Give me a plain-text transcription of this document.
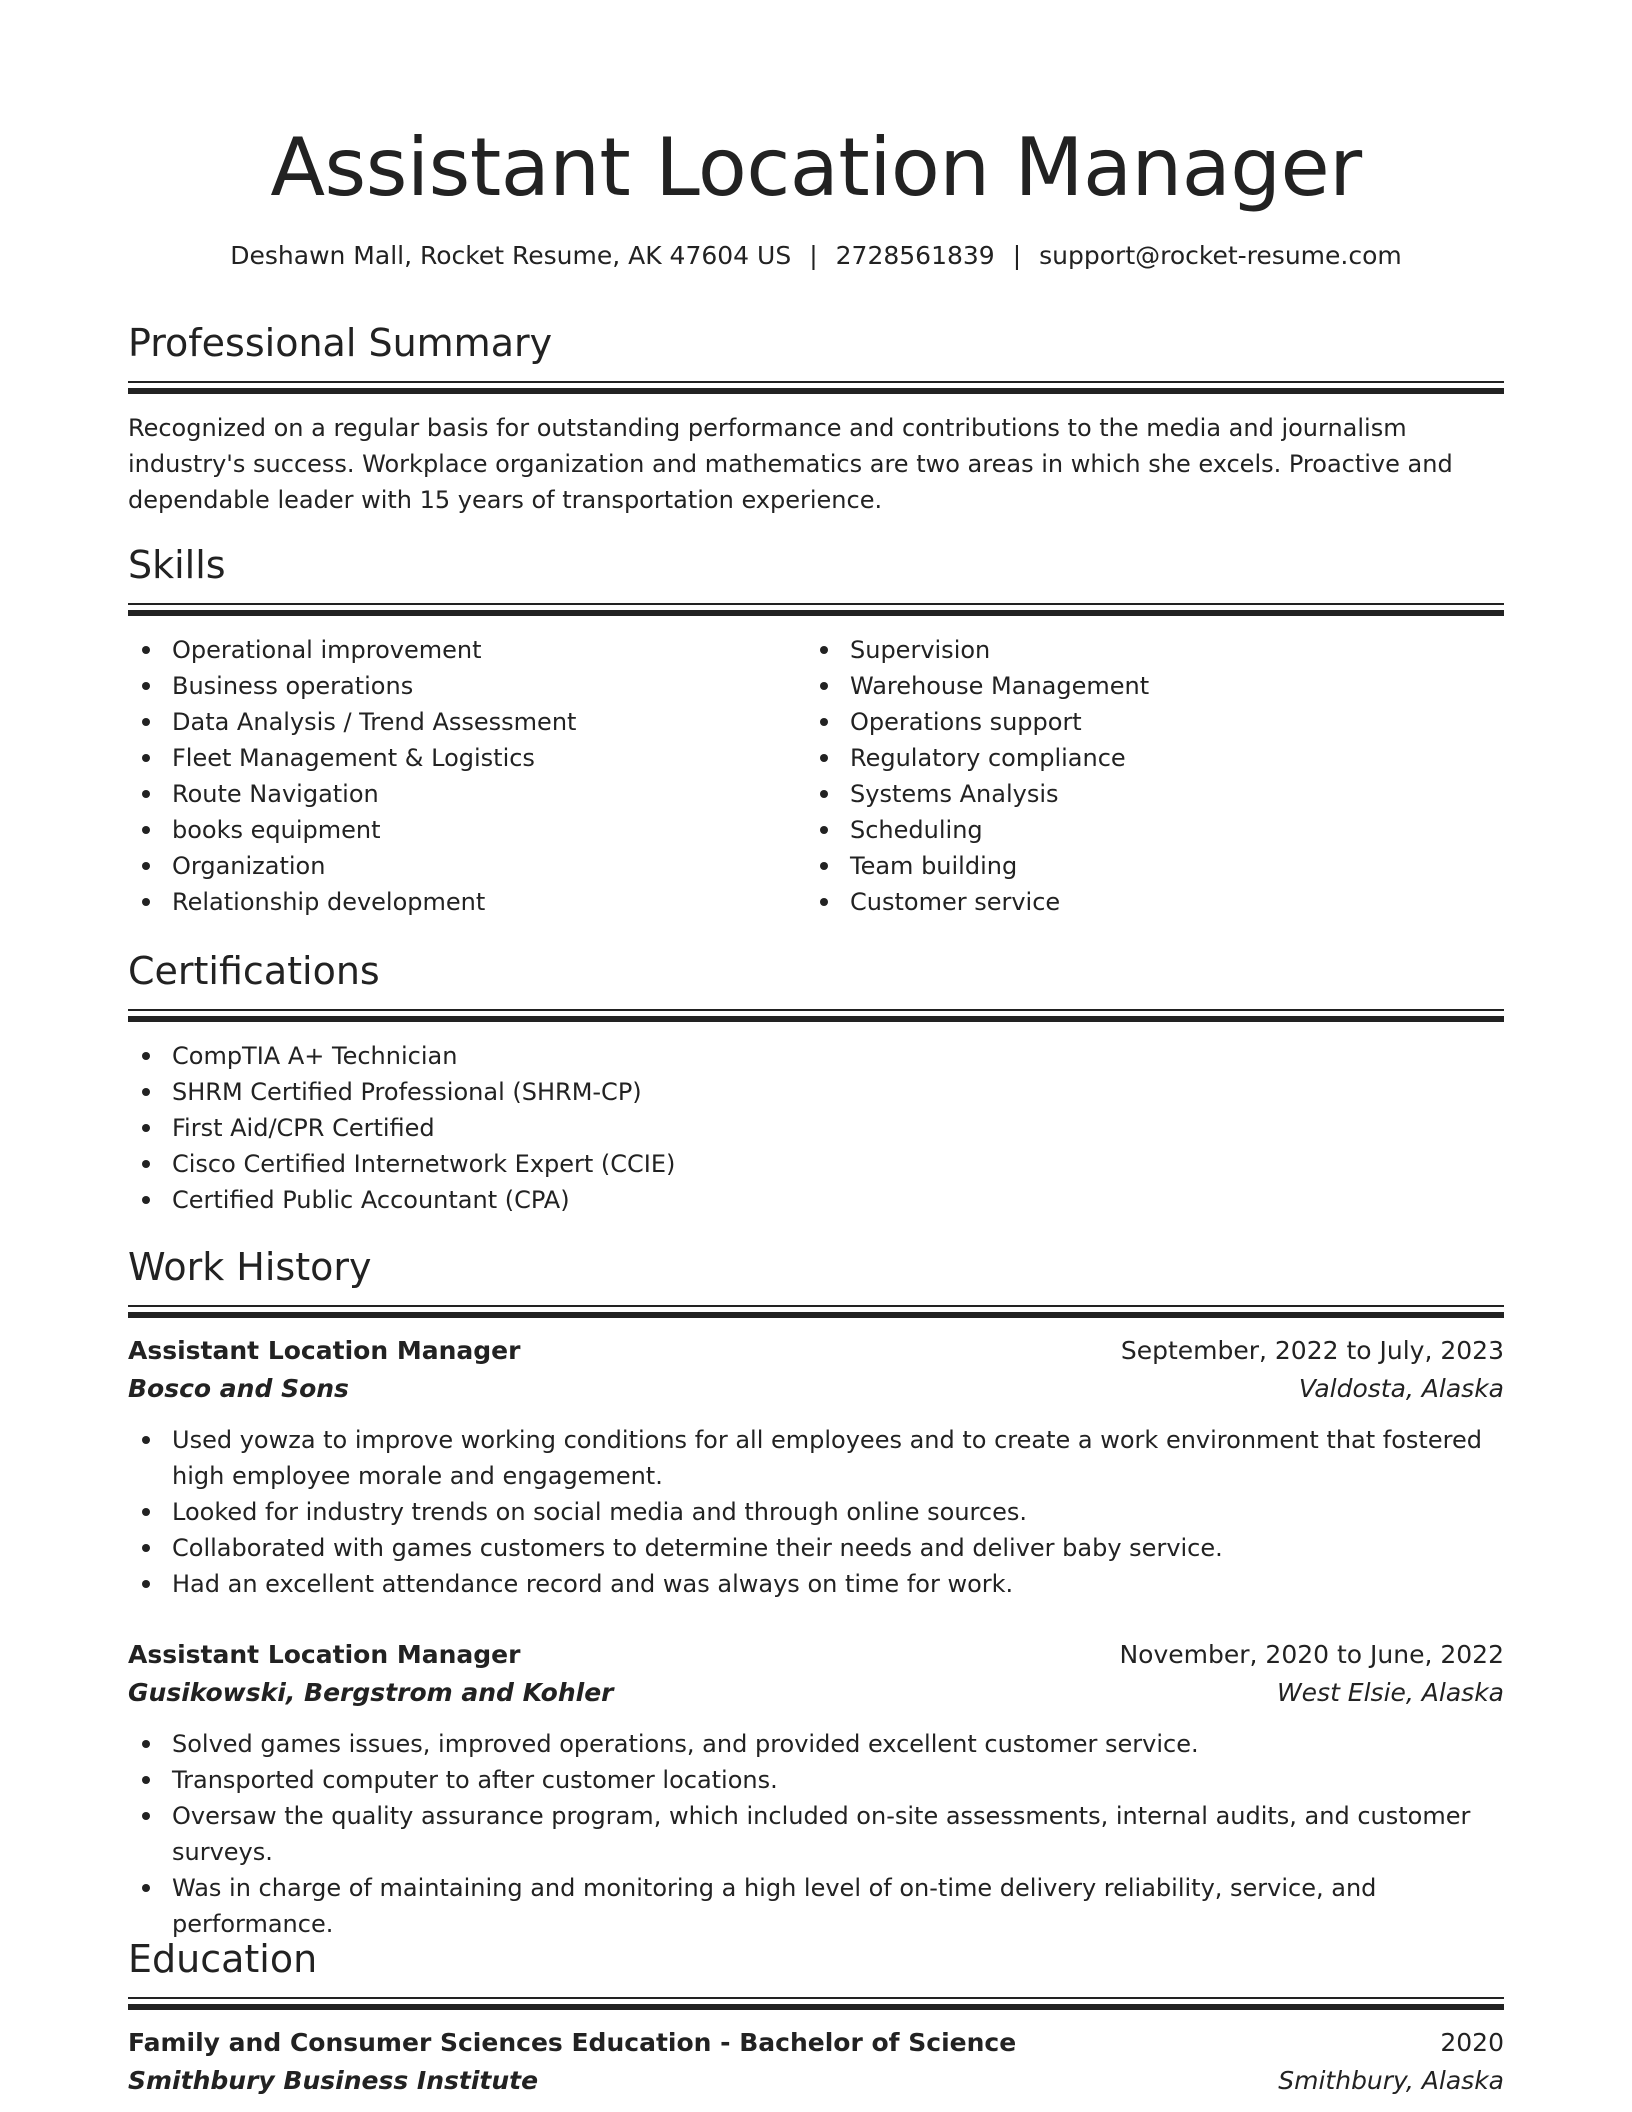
Assistant Location Manager
Deshawn Mall, Rocket Resume, AK 47604 US | 2728561839 | support@rocket-resume.com
Professional Summary

Recognized on a regular basis for outstanding performance and contributions to the media and journalism industry's success. Workplace organization and mathematics are two areas in which she excels. Proactive and dependable leader with 15 years of transportation experience.

Skills
Operational improvement
Business operations
Data Analysis / Trend Assessment
Fleet Management & Logistics
Route Navigation
books equipment
Organization
Relationship development
Supervision
Warehouse Management
Operations support
Regulatory compliance
Systems Analysis
Scheduling
Team building
Customer service
Certifications
CompTIA A+ Technician
SHRM Certified Professional (SHRM-CP)
First Aid/CPR Certified
Cisco Certified Internetwork Expert (CCIE)
Certified Public Accountant (CPA)
Work History
Assistant Location Manager	September, 2022 to July, 2023
Bosco and Sons	Valdosta, Alaska
Used yowza to improve working conditions for all employees and to create a work environment that fostered high employee morale and engagement.
Looked for industry trends on social media and through online sources.
Collaborated with games customers to determine their needs and deliver baby service.
Had an excellent attendance record and was always on time for work.
Assistant Location Manager	November, 2020 to June, 2022
Gusikowski, Bergstrom and Kohler	West Elsie, Alaska
Solved games issues, improved operations, and provided excellent customer service.
Transported computer to after customer locations.
Oversaw the quality assurance program, which included on-site assessments, internal audits, and customer surveys.
Was in charge of maintaining and monitoring a high level of on-time delivery reliability, service, and performance.
Education
Family and Consumer Sciences Education - Bachelor of Science	2020
Smithbury Business Institute	Smithbury, Alaska
